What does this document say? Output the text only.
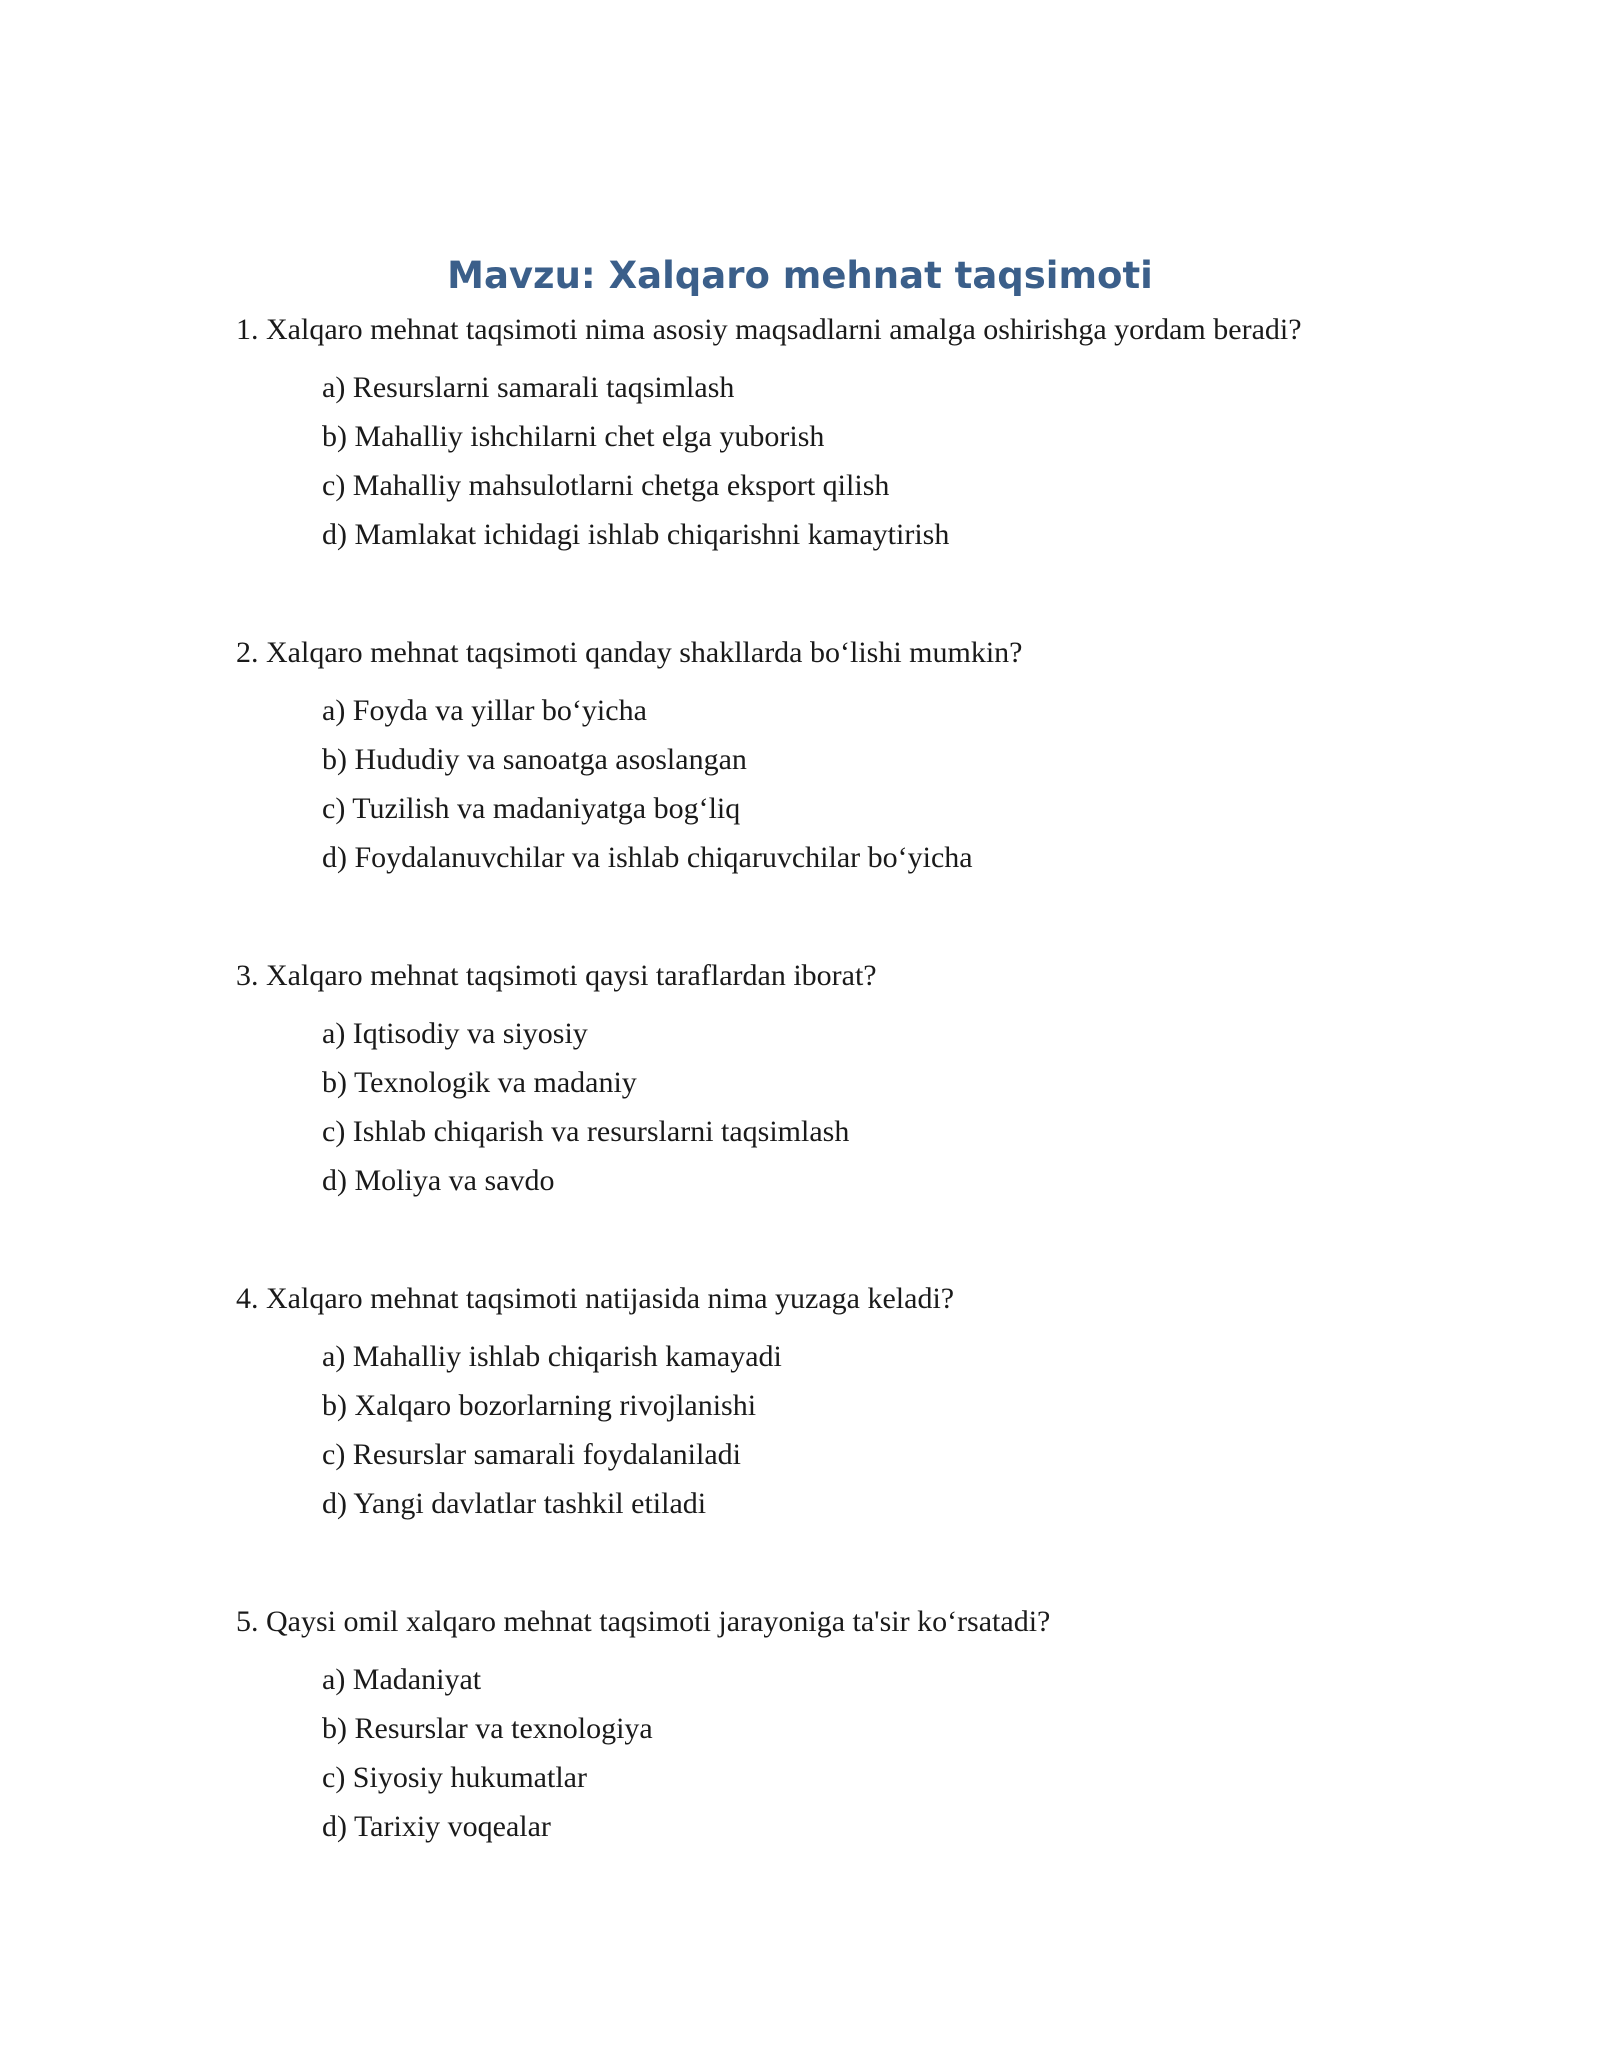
Mavzu: Xalqaro mehnat taqsimoti

1. Xalqaro mehnat taqsimoti nima asosiy maqsadlarni amalga oshirishga yordam beradi?

a) Resurslarni samarali taqsimlash
b) Mahalliy ishchilarni chet elga yuborish
c) Mahalliy mahsulotlarni chetga eksport qilish
d) Mamlakat ichidagi ishlab chiqarishni kamaytirish

2. Xalqaro mehnat taqsimoti qanday shakllarda bo‘lishi mumkin?

a) Foyda va yillar bo‘yicha
b) Hududiy va sanoatga asoslangan
c) Tuzilish va madaniyatga bog‘liq
d) Foydalanuvchilar va ishlab chiqaruvchilar bo‘yicha

3. Xalqaro mehnat taqsimoti qaysi taraflardan iborat?

a) Iqtisodiy va siyosiy
b) Texnologik va madaniy
c) Ishlab chiqarish va resurslarni taqsimlash
d) Moliya va savdo

4. Xalqaro mehnat taqsimoti natijasida nima yuzaga keladi?

a) Mahalliy ishlab chiqarish kamayadi
b) Xalqaro bozorlarning rivojlanishi
c) Resurslar samarali foydalaniladi
d) Yangi davlatlar tashkil etiladi

5. Qaysi omil xalqaro mehnat taqsimoti jarayoniga ta'sir ko‘rsatadi?

a) Madaniyat
b) Resurslar va texnologiya
c) Siyosiy hukumatlar
d) Tarixiy voqealar
